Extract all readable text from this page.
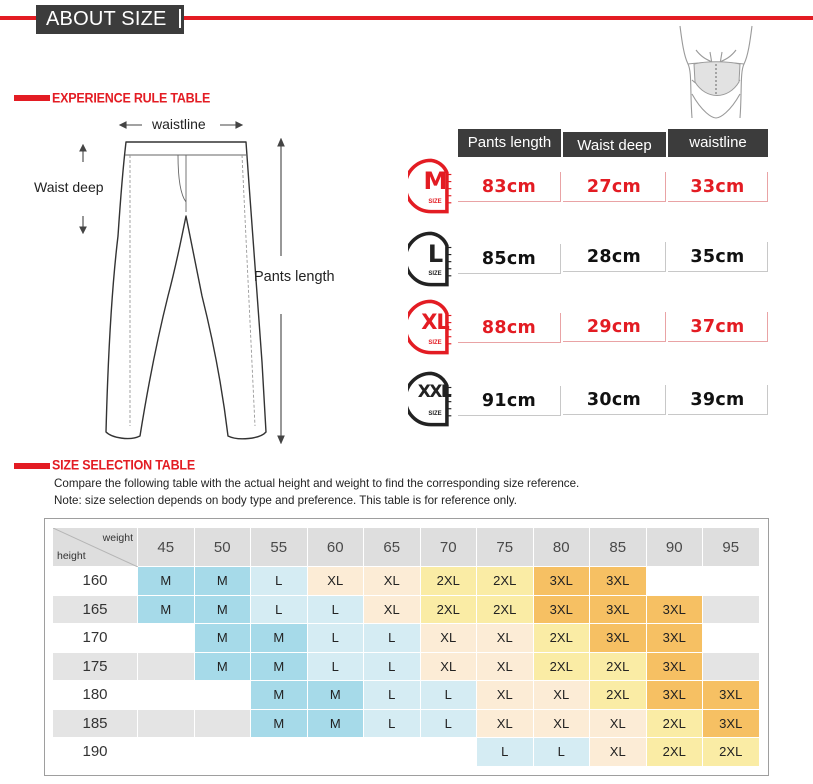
ABOUT SIZE
EXPERIENCE RULE TABLE
waistline
Waist deep
Pants length
Pants length	Waist deep	waistline
M
SIZE
83cm	27cm	33cm
L
SIZE
85cm	28cm	35cm
XL
SIZE
88cm	29cm	37cm
XXL
SIZE
91cm	30cm	39cm
SIZE SELECTION TABLE
Compare the following table with the actual height and weight to find the corresponding size reference.
Note: size selection depends on body type and preference. This table is for reference only.
weight
height	45	50	55	60	65	70	75	80	85	90	95
160	M	M	L	XL	XL	2XL	2XL	3XL	3XL		
165	M	M	L	L	XL	2XL	2XL	3XL	3XL	3XL	
170		M	M	L	L	XL	XL	2XL	3XL	3XL	
175		M	M	L	L	XL	XL	2XL	2XL	3XL	
180			M	M	L	L	XL	XL	2XL	3XL	3XL
185			M	M	L	L	XL	XL	XL	2XL	3XL
190							L	L	XL	2XL	2XL
